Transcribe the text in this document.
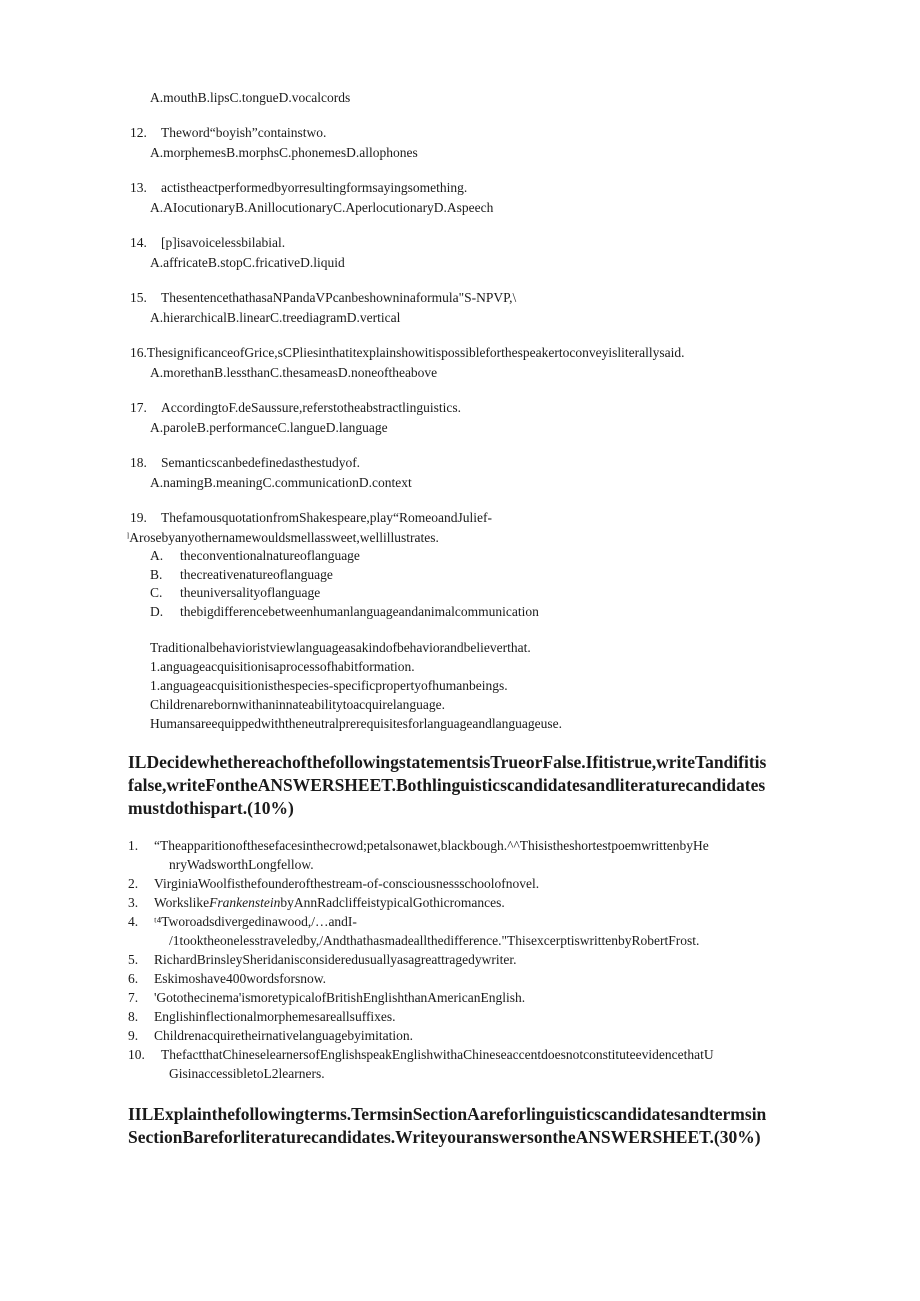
A.mouthB.lipsC.tongueD.vocalcords
12. Theword“boyish”containstwo.
A.morphemesB.morphsC.phonemesD.allophones
13. actistheactperformedbyorresultingformsayingsomething.
A.AIocutionaryB.AnillocutionaryC.AperlocutionaryD.Aspeech
14. [p]isavoicelessbilabial.
A.affricateB.stopC.fricativeD.liquid
15. ThesentencethathasaNPandaVPcanbeshowninaformula"S-NPVP,\
A.hierarchicalB.linearC.treediagramD.vertical
16.ThesignificanceofGrice,sCPliesinthatitexplainshowitispossibleforthespeakertoconveyisliterallysaid.
A.morethanB.lessthanC.thesameasD.noneoftheabove
17. AccordingtoF.deSaussure,referstotheabstractlinguistics.
A.paroleB.performanceC.langueD.language
18. Semanticscanbedefinedasthestudyof.
A.namingB.meaningC.communicationD.context
19. ThefamousquotationfromShakespeare,play“RomeoandJulief-
ˡArosebyanyothernamewouldsmellassweet,wellillustrates.
A. theconventionalnatureoflanguage
B. thecreativenatureoflanguage
C. theuniversalityoflanguage
D. thebigdifferencebetweenhumanlanguageandanimalcommunication
Traditionalbehavioristviewlanguageasakindofbehaviorandbelieverthat.
1.anguageacquisitionisaprocessofhabitformation.
1.anguageacquisitionisthespecies-specificpropertyofhumanbeings.
Childrenarebornwithaninnateabilitytoacquirelanguage.
Humansareequippedwiththeneutralprerequisitesforlanguageandlanguageuse.
ILDecidewhethereachofthefollowingstatementsisTrueorFalse.Ifitistrue,writeTandifitis
false,writeFontheANSWERSHEET.Bothlinguisticscandidatesandliteraturecandidates
mustdothispart.(10%)
1. “Theapparitionofthesefacesinthecrowd;petalsonawet,blackbough.^^ThisistheshortestpoemwrittenbyHe
nryWadsworthLongfellow.
2. VirginiaWoolfisthefounderofthestream-of-consciousnessschoolofnovel.
3. WorkslikeFrankensteinbyAnnRadcliffeistypicalGothicromances.
4. ᵗ⁴Tworoadsdivergedinawood,/…andI-
/1tooktheonelesstraveledby,/Andthathasmadeallthedifference."ThisexcerptiswrittenbyRobertFrost.
5. RichardBrinsleySheridanisconsideredusuallyasagreattragedywriter.
6. Eskimoshave400wordsforsnow.
7. 'Gotothecinema'ismoretypicalofBritishEnglishthanAmericanEnglish.
8. Englishinflectionalmorphemesareallsuffixes.
9. Childrenacquiretheirnativelanguagebyimitation.
10. ThefactthatChineselearnersofEnglishspeakEnglishwithaChineseaccentdoesnotconstituteevidencethatU
GisinaccessibletoL2learners.
IILExplainthefollowingterms.TermsinSectionAareforlinguisticscandidatesandtermsin
SectionBareforliteraturecandidates.WriteyouranswersontheANSWERSHEET.(30%)
